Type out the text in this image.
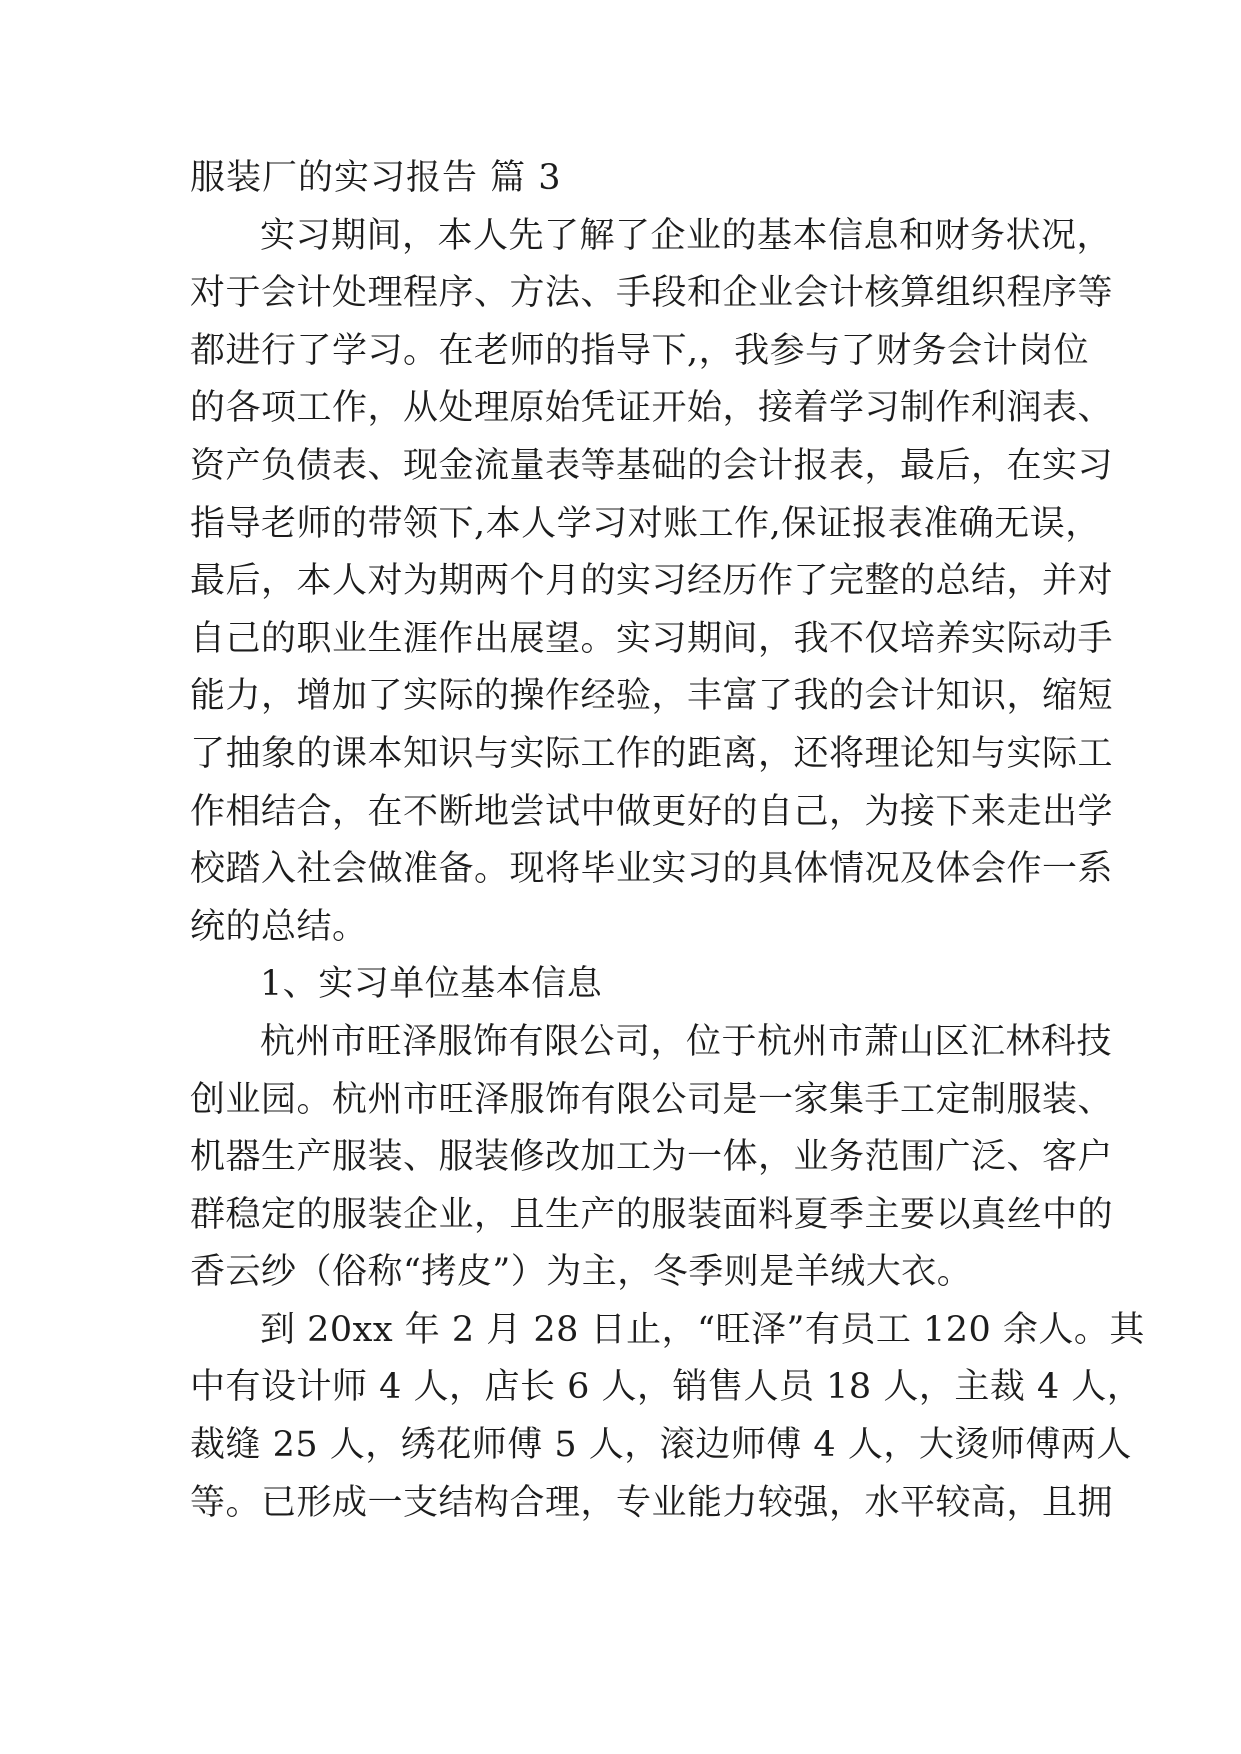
服装厂的实习报告 篇 3
实习期间，本人先了解了企业的基本信息和财务状况，
对于会计处理程序、方法、手段和企业会计核算组织程序等
都进行了学习。在老师的指导下,，我参与了财务会计岗位
的各项工作，从处理原始凭证开始，接着学习制作利润表、
资产负债表、现金流量表等基础的会计报表，最后，在实习
指导老师的带领下,本人学习对账工作,保证报表准确无误，
最后，本人对为期两个月的实习经历作了完整的总结，并对
自己的职业生涯作出展望。实习期间，我不仅培养实际动手
能力，增加了实际的操作经验，丰富了我的会计知识，缩短
了抽象的课本知识与实际工作的距离，还将理论知与实际工
作相结合，在不断地尝试中做更好的自己，为接下来走出学
校踏入社会做准备。现将毕业实习的具体情况及体会作一系
统的总结。
1、实习单位基本信息
杭州市旺泽服饰有限公司，位于杭州市萧山区汇林科技
创业园。杭州市旺泽服饰有限公司是一家集手工定制服装、
机器生产服装、服装修改加工为一体，业务范围广泛、客户
群稳定的服装企业，且生产的服装面料夏季主要以真丝中的
香云纱（俗称“拷皮”）为主，冬季则是羊绒大衣。
到 20xx 年 2 月 28 日止，“旺泽”有员工 120 余人。其
中有设计师 4 人，店长 6 人，销售人员 18 人，主裁 4 人，
裁缝 25 人，绣花师傅 5 人，滚边师傅 4 人，大烫师傅两人
等。已形成一支结构合理，专业能力较强，水平较高，且拥
